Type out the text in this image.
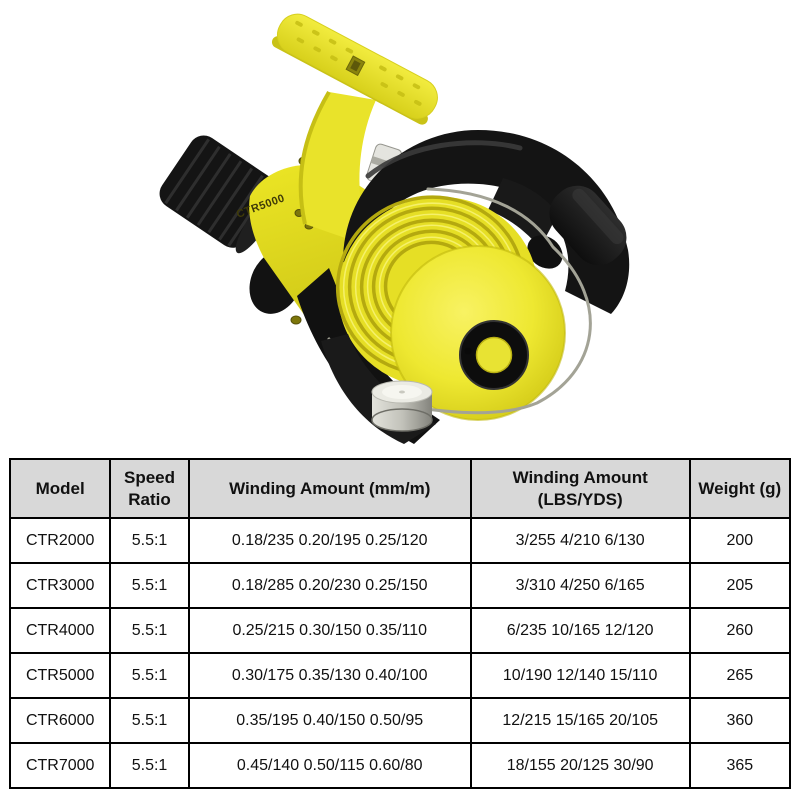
CTR5000
Model	Speed Ratio	Winding Amount (mm/m)	Winding Amount (LBS/YDS)	Weight (g)
CTR2000	5.5:1	0.18/235 0.20/195 0.25/120	3/255 4/210 6/130	200
CTR3000	5.5:1	0.18/285 0.20/230 0.25/150	3/310 4/250 6/165	205
CTR4000	5.5:1	0.25/215 0.30/150 0.35/110	6/235 10/165 12/120	260
CTR5000	5.5:1	0.30/175 0.35/130 0.40/100	10/190 12/140 15/110	265
CTR6000	5.5:1	0.35/195 0.40/150 0.50/95	12/215 15/165 20/105	360
CTR7000	5.5:1	0.45/140 0.50/115 0.60/80	18/155 20/125 30/90	365
